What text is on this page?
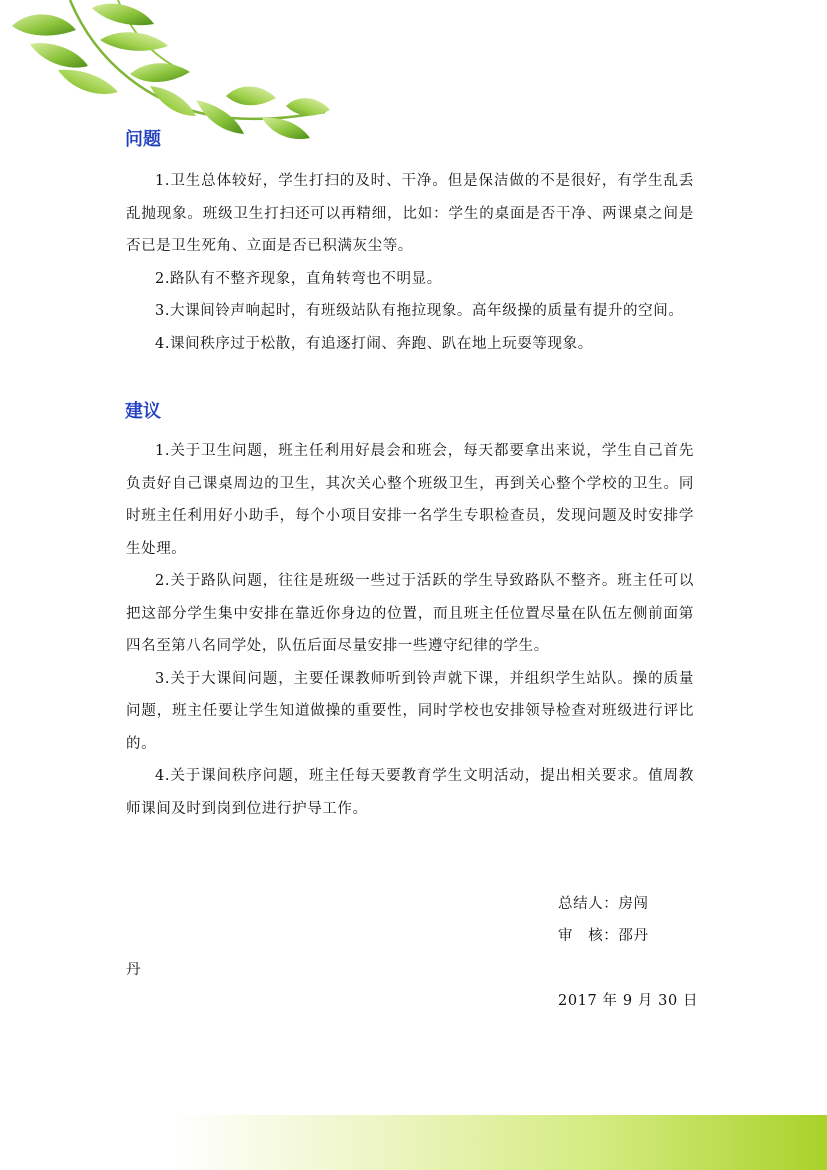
问题

1.卫生总体较好，学生打扫的及时、干净。但是保洁做的不是很好，有学生乱丢乱抛现象。班级卫生打扫还可以再精细，比如：学生的桌面是否干净、两课桌之间是否已是卫生死角、立面是否已积满灰尘等。

2.路队有不整齐现象，直角转弯也不明显。

3.大课间铃声响起时，有班级站队有拖拉现象。高年级操的质量有提升的空间。

4.课间秩序过于松散，有追逐打闹、奔跑、趴在地上玩耍等现象。

建议

1.关于卫生问题，班主任利用好晨会和班会，每天都要拿出来说，学生自己首先负责好自己课桌周边的卫生，其次关心整个班级卫生，再到关心整个学校的卫生。同时班主任利用好小助手，每个小项目安排一名学生专职检查员，发现问题及时安排学生处理。

2.关于路队问题，往往是班级一些过于活跃的学生导致路队不整齐。班主任可以把这部分学生集中安排在靠近你身边的位置，而且班主任位置尽量在队伍左侧前面第四名至第八名同学处，队伍后面尽量安排一些遵守纪律的学生。

3.关于大课间问题，主要任课教师听到铃声就下课，并组织学生站队。操的质量问题，班主任要让学生知道做操的重要性，同时学校也安排领导检查对班级进行评比的。

4.关于课间秩序问题，班主任每天要教育学生文明活动，提出相关要求。值周教师课间及时到岗到位进行护导工作。

总结人：房闯
审　核：邵丹
丹
2017 年 9 月 30 日
